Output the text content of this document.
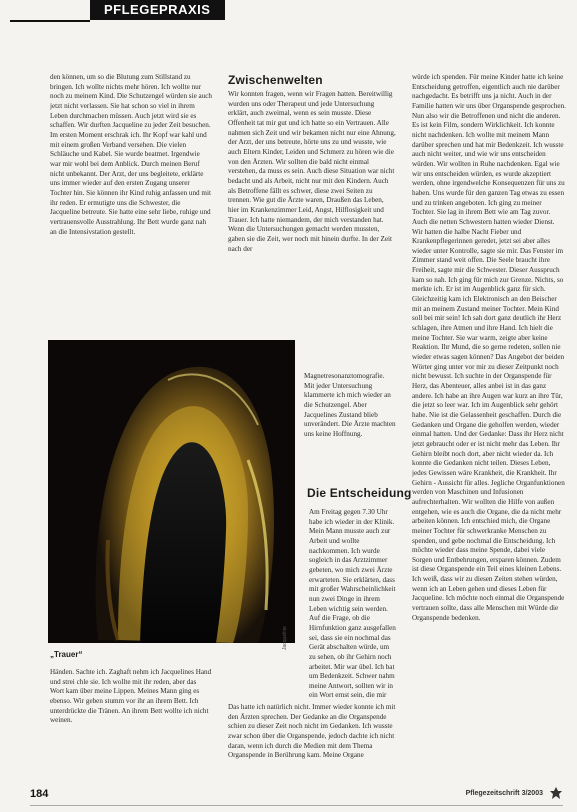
PFLEGEPRAXIS

den können, um so die Blutung zum Stillstand zu bringen. Ich wollte nichts mehr hören. Ich wollte nur noch zu meinem Kind. Die Schutzengel würden sie auch jetzt nicht verlassen. Sie hat schon so viel in ihrem Leben durchmachen müssen. Auch jetzt wird sie es schaffen. Wir durften Jacqueline zu jeder Zeit besuchen. Im ersten Moment erschrak ich. Ihr Kopf war kahl und mit einem großen Verband versehen. Die vielen Schläuche und Kabel. Sie wurde beatmet. Irgendwie war mir wohl bei dem Anblick. Durch meinen Beruf nicht unbekannt. Der Arzt, der uns begleitete, erklärte uns immer wieder auf den ersten Zugang unserer Tochter hin. Sie können ihr Kind ruhig anfassen und mit ihr reden. Er ermutigte uns die Schwester, die Jacqueline betreute. Sie hatte eine sehr liebe, ruhige und vertrauensvolle Ausstrahlung. Ihr Bett wurde ganz nah an die Intensivstation gestellt.

Zwischenwelten

Wir konnten fragen, wenn wir Fragen hatten. Bereitwillig wurden uns oder Therapeut und jede Untersuchung erklärt, auch zweimal, wenn es sein musste. Diese Offenheit tat mir gut und ich hatte so ein Vertrauen. Alle nahmen sich Zeit und wir bekamen nicht nur eine Ahnung, der Arzt, der uns betreute, hörte uns zu und wusste, wie auch Eltern Kinder, Leiden und Schmerz zu hören wie die von den Ärzten. Wir sollten die bald nicht einmal verstehen, da muss es sein. Auch diese Situation war nicht bedacht und als Arbeit, nicht nur mit den Kindern. Auch als Betroffene fällt es schwer, diese zwei Seiten zu trennen. Wie gut die Ärzte waren, Draußen das Leben, hier im Krankenzimmer Leid, Angst, Hilflosigkeit und Trauer. Ich hatte niemandem, der mich verstanden hat. Wenn die Untersuchungen gemacht werden mussten, gaben sie die Zeit, wer noch mit hinein durfte. In der Zeit nach der

Magnetresonanztomografie. Mit jeder Untersuchung klammerte ich mich wieder an die Schutzengel. Aber Jacquelines Zustand blieb unverändert. Die Ärzte machten uns keine Hoffnung.

Die Entscheidung

Am Freitag gegen 7.30 Uhr habe ich wieder in der Klinik. Mein Mann musste auch zur Arbeit und wollte nachkommen. Ich wurde sogleich in das Arztzimmer gebeten, wo mich zwei Ärzte erwarteten. Sie erklärten, dass mit großer Wahrscheinlichkeit nun zwei Dinge in ihrem Leben wichtig sein werden. Auf die Frage, ob die Hirnfunktion ganz ausgefallen sei, dass sie ein nochmal das Gerät abschalten würde, um zu sehen, ob ihr Gehirn noch arbeitet. Mir war übel. Ich bat um Bedenkzeit. Schwer nahm meine Antwort, sollten wir in ein Wort ernst sein, die mir

Das hatte ich natürlich nicht. Immer wieder konnte ich mit den Ärzten sprechen. Der Gedanke an die Organspende schien zu dieser Zeit noch nicht im Gedanken. Ich wusste zwar schon über die Organspende, jedoch dachte ich nicht daran, wenn ich durch die Medien mit dem Thema Organspende in Berührung kam. Meine Organe

Jacqueline
„Trauer“

Händen. Sachte ich. Zaghaft nehm ich Jacquelines Hand und strei chle sie. Ich wollte mit ihr reden, aber das Wort kam über meine Lippen. Meines Mann ging es ebenso. Wir geben stumm vor ihr an ihrem Bett. Ich unterdrückte die Tränen. An ihrem Bett wollte ich nicht weinen.

würde ich spenden. Für meine Kinder hatte ich keine Entscheidung getroffen, eigentlich auch nie darüber nachgedacht. Es betrifft uns ja nicht. Auch in der Familie hatten wir uns über Organspende gesprochen. Nun also wir die Betroffenen und nicht die anderen. Es ist kein Film, sondern Wirklichkeit. Ich konnte nicht nachdenken. Ich wollte mit meinem Mann darüber sprechen und hat mir Bedenkzeit. Ich wusste auch nicht weiter, und wie wir uns entscheiden würden. Wir wollten in Ruhe nachdenken. Egal wie wir uns entscheiden würden, es wurde akzeptiert werden, ohne irgendwelche Konsequenzen für uns zu haben. Uns wurde für den ganzen Tag etwas zu essen und zu trinken angeboten. Ich ging zu meiner Tochter. Sie lag in ihrem Bett wie am Tag zuvor. Auch die netten Schwestern hatten wieder Dienst. Wir hatten die halbe Nacht Fieber und Krankenpflegerinnen geredet, jetzt sei aber alles wieder unter Kontrolle, sagte sie mir. Das Fenster im Zimmer stand weit offen. Die Seele braucht ihre Freiheit, sagte mir die Schwester. Dieser Ausspruch kam so nah. Ich ging für mich zur Grenze. Nichts, so merkte ich. Er ist im Augenblick ganz für sich. Gleichzeitig kam ich Elektronisch an den Beischer mit an meinem Zustand meiner Tochter. Mein Kind soll bei mir sein! Ich sah dort ganz deutlich ihr Herz schlagen, ihre Atmen und ihre Hand. Ich hielt die meine Tochter. Sie war warm, zeigte aber keine Reaktion. Ihr Mund, die so gerne redeten, sollen nie wieder etwas sagen können? Das Angebot der beiden Wörter ging unter vor mir zu dieser Zeitpunkt noch nicht bewusst. Ich suchte in der Organspende für Herz, das Abenteuer, alles anbei ist in das ganz andere. Ich habe an ihre Augen war kurz an ihre Tür, die jetzt so leer war. Ich im Augenblick sehr gehört habe. Nie ist die Gelassenheit geschaffen. Durch die Gedanken und Organe die geholfen werden, wieder einmal hatten. Und der Gedanke: Dass ihr Herz nicht jetzt gebraucht oder er ist nicht mehr das Leben. Ihr Gehirn bleibt noch dort, aber nicht wieder da. Ich konnte die Gedanken nicht teilen. Dieses Leben, jedes Gewissen wäre Krankheit, die Krankheit. Ihr Gehirn - Aussicht für alles. Jegliche Organfunktionen werden von Maschinen und Infusionen aufrechterhalten. Wir wollten die Hilfe von außen entgehen, wie es auch die Organe, die da nicht mehr arbeiten können. Ich entschied mich, die Organe meiner Tochter für schwerkranke Menschen zu spenden, und gebe nochmal die Entscheidung. Ich möchte wieder dass meine Spende, dabei viele Sorgen und Entbehrungen, ersparen können. Zudem ist diese Organspende ein Teil eines kleinen Lebens. Ich weiß, dass wir zu diesen Zeiten stehen würden, wenn ich an Leben gehen und dieses Leben für Jacqueline. Ich möchte noch einmal die Organspende vertrauen sollte, dass alle Menschen mit Würde die Organspende bedenken.

184	Pflegezeitschrift 3/2003
